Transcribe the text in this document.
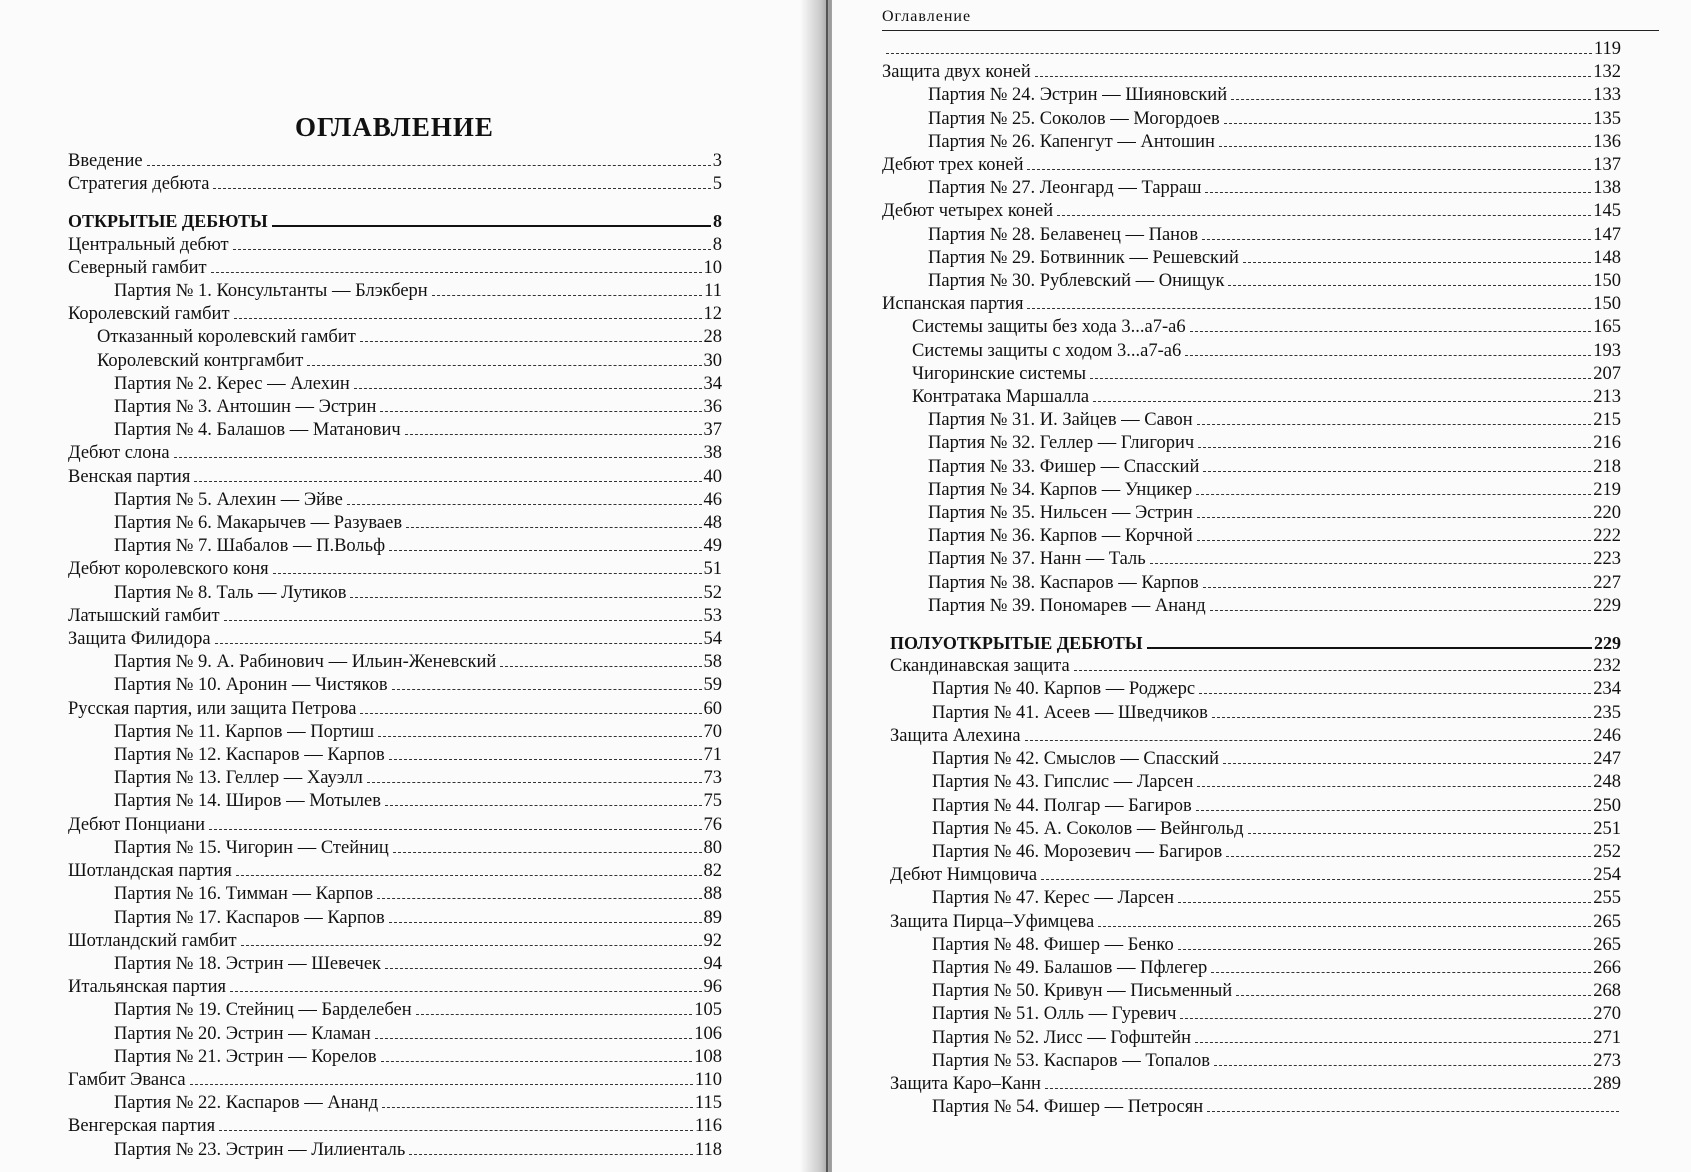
ОГЛАВЛЕНИЕ
Введение	3
Стратегия дебюта	5
ОТКРЫТЫЕ ДЕБЮТЫ	8
Центральный дебют	8
Северный гамбит	10
Партия № 1. Консультанты — Блэкберн	11
Королевский гамбит	12
Отказанный королевский гамбит	28
Королевский контргамбит	30
Партия № 2. Керес — Алехин	34
Партия № 3. Антошин — Эстрин	36
Партия № 4. Балашов — Матанович	37
Дебют слона	38
Венская партия	40
Партия № 5. Алехин — Эйве	46
Партия № 6. Макарычев — Разуваев	48
Партия № 7. Шабалов — П.Вольф	49
Дебют королевского коня	51
Партия № 8. Таль — Лутиков	52
Латышский гамбит	53
Защита Филидора	54
Партия № 9. А. Рабинович — Ильин-Женевский	58
Партия № 10. Аронин — Чистяков	59
Русская партия, или защита Петрова	60
Партия № 11. Карпов — Портиш	70
Партия № 12. Каспаров — Карпов	71
Партия № 13. Геллер — Хауэлл	73
Партия № 14. Широв — Мотылев	75
Дебют Понциани	76
Партия № 15. Чигорин — Стейниц	80
Шотландская партия	82
Партия № 16. Тимман — Карпов	88
Партия № 17. Каспаров — Карпов	89
Шотландский гамбит	92
Партия № 18. Эстрин — Шевечек	94
Итальянская партия	96
Партия № 19. Стейниц — Барделебен	105
Партия № 20. Эстрин — Кламан	106
Партия № 21. Эстрин — Корелов	108
Гамбит Эванса	110
Партия № 22. Каспаров — Ананд	115
Венгерская партия	116
Партия № 23. Эстрин — Лилиенталь	118
Оглавление
119
Защита двух коней	132
Партия № 24. Эстрин — Шияновский	133
Партия № 25. Соколов — Могордоев	135
Партия № 26. Капенгут — Антошин	136
Дебют трех коней	137
Партия № 27. Леонгард — Тарраш	138
Дебют четырех коней	145
Партия № 28. Белавенец — Панов	147
Партия № 29. Ботвинник — Решевский	148
Партия № 30. Рублевский — Онищук	150
Испанская партия	150
Системы защиты без хода 3...a7-a6	165
Системы защиты с ходом 3...a7-a6	193
Чигоринские системы	207
Контратака Маршалла	213
Партия № 31. И. Зайцев — Савон	215
Партия № 32. Геллер — Глигорич	216
Партия № 33. Фишер — Спасский	218
Партия № 34. Карпов — Унцикер	219
Партия № 35. Нильсен — Эстрин	220
Партия № 36. Карпов — Корчной	222
Партия № 37. Нанн — Таль	223
Партия № 38. Каспаров — Карпов	227
Партия № 39. Пономарев — Ананд	229
ПОЛУОТКРЫТЫЕ ДЕБЮТЫ	229
Скандинавская защита	232
Партия № 40. Карпов — Роджерс	234
Партия № 41. Асеев — Шведчиков	235
Защита Алехина	246
Партия № 42. Смыслов — Спасский	247
Партия № 43. Гипслис — Ларсен	248
Партия № 44. Полгар — Багиров	250
Партия № 45. А. Соколов — Вейнгольд	251
Партия № 46. Морозевич — Багиров	252
Дебют Нимцовича	254
Партия № 47. Керес — Ларсен	255
Защита Пирца–Уфимцева	265
Партия № 48. Фишер — Бенко	265
Партия № 49. Балашов — Пфлегер	266
Партия № 50. Кривун — Письменный	268
Партия № 51. Олль — Гуревич	270
Партия № 52. Лисс — Гофштейн	271
Партия № 53. Каспаров — Топалов	273
Защита Каро–Канн	289
Партия № 54. Фишер — Петросян
